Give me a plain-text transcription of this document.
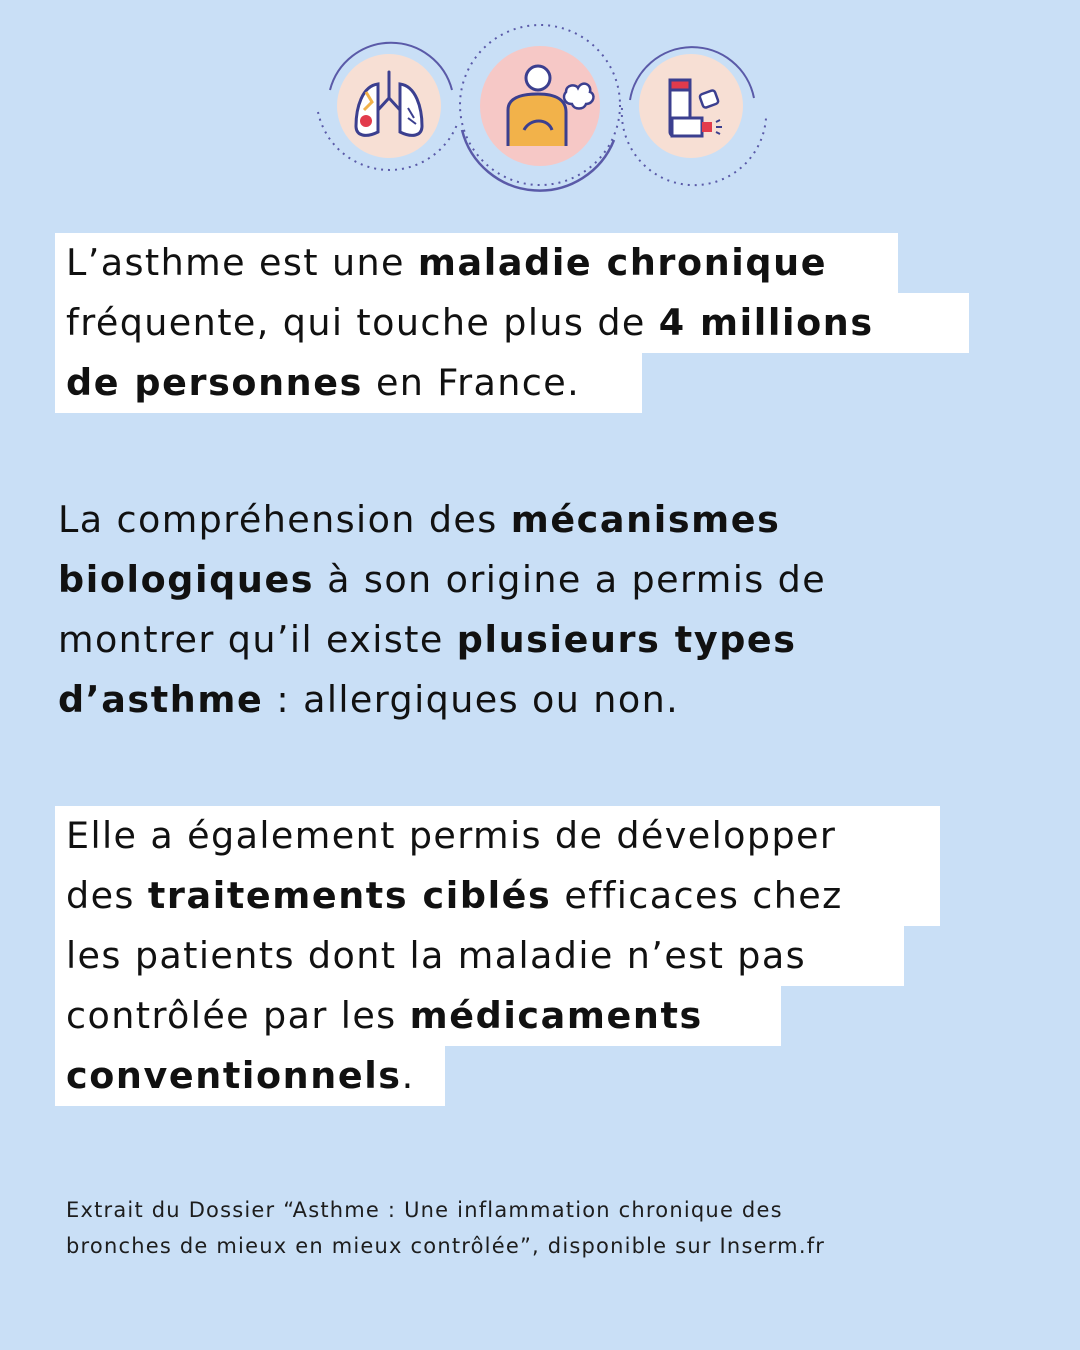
L’asthme est une maladie chronique
fréquente, qui touche plus de 4 millions
de personnes en France.
La compréhension des mécanismes
biologiques à son origine a permis de
montrer qu’il existe plusieurs types
d’asthme : allergiques ou non.
Elle a également permis de développer
des traitements ciblés efficaces chez
les patients dont la maladie n’est pas
contrôlée par les médicaments
conventionnels.
Extrait du Dossier “Asthme : Une inflammation chronique des
bronches de mieux en mieux contrôlée”, disponible sur Inserm.fr
